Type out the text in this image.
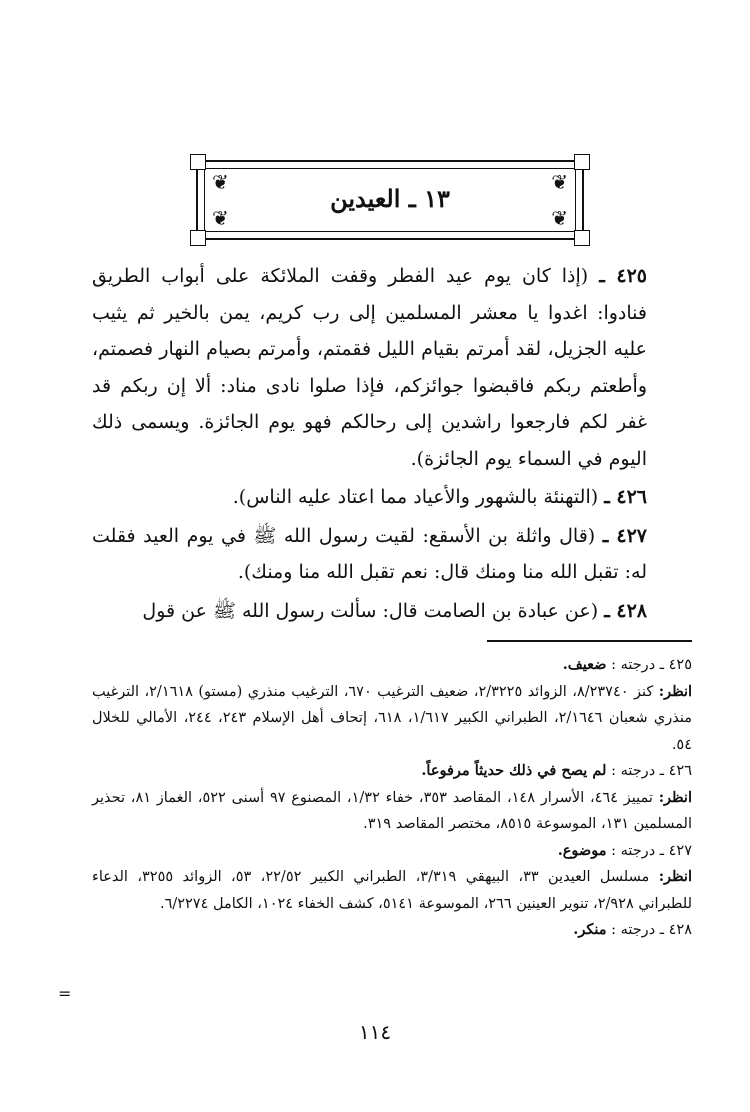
❦	❦
❦	❦
١٣ ـ العيدين

٤٢٥ ـ (إذا كان يوم عيد الفطر وقفت الملائكة على أبواب الطريق فنادوا: اغدوا يا معشر المسلمين إلى رب كريم، يمن بالخير ثم يثيب عليه الجزيل، لقد أمرتم بقيام الليل فقمتم، وأمرتم بصيام النهار فصمتم، وأطعتم ربكم فاقبضوا جوائزكم، فإذا صلوا نادى مناد: ألا إن ربكم قد غفر لكم فارجعوا راشدين إلى رحالكم فهو يوم الجائزة. ويسمى ذلك اليوم في السماء يوم الجائزة).

٤٢٦ ـ (التهنئة بالشهور والأعياد مما اعتاد عليه الناس).

٤٢٧ ـ (قال واثلة بن الأسقع: لقيت رسول الله ﷺ في يوم العيد فقلت له: تقبل الله منا ومنك قال: نعم تقبل الله منا ومنك).

٤٢٨ ـ (عن عبادة بن الصامت قال: سألت رسول الله ﷺ عن قول

٤٢٥ ـ درجته : ضعيف.

انظر: كنز ٨/٢٣٧٤٠، الزوائد ٢/٣٢٢٥، ضعيف الترغيب ٦٧٠، الترغيب منذري (مستو) ٢/١٦١٨، الترغيب منذري شعبان ٢/١٦٤٦، الطبراني الكبير ١/٦١٧، ٦١٨، إتحاف أهل الإسلام ٢٤٣، ٢٤٤، الأمالي للخلال ٥٤.

٤٢٦ ـ درجته : لم يصح في ذلك حديثاً مرفوعاً.

انظر: تمييز ٤٦٤، الأسرار ١٤٨، المقاصد ٣٥٣، خفاء ١/٣٢، المصنوع ٩٧ أسنى ٥٢٢، الغماز ٨١، تحذير المسلمين ١٣١، الموسوعة ٨٥١٥، مختصر المقاصد ٣١٩.

٤٢٧ ـ درجته : موضوع.

انظر: مسلسل العيدين ٣٣، البيهقي ٣/٣١٩، الطبراني الكبير ٢٢/٥٢، ٥٣، الزوائد ٣٢٥٥، الدعاء للطبراني ٢/٩٢٨، تنوير العينين ٢٦٦، الموسوعة ٥١٤١، كشف الخفاء ١٠٢٤، الكامل ٦/٢٢٧٤.

٤٢٨ ـ درجته : منكر.
=
١١٤
